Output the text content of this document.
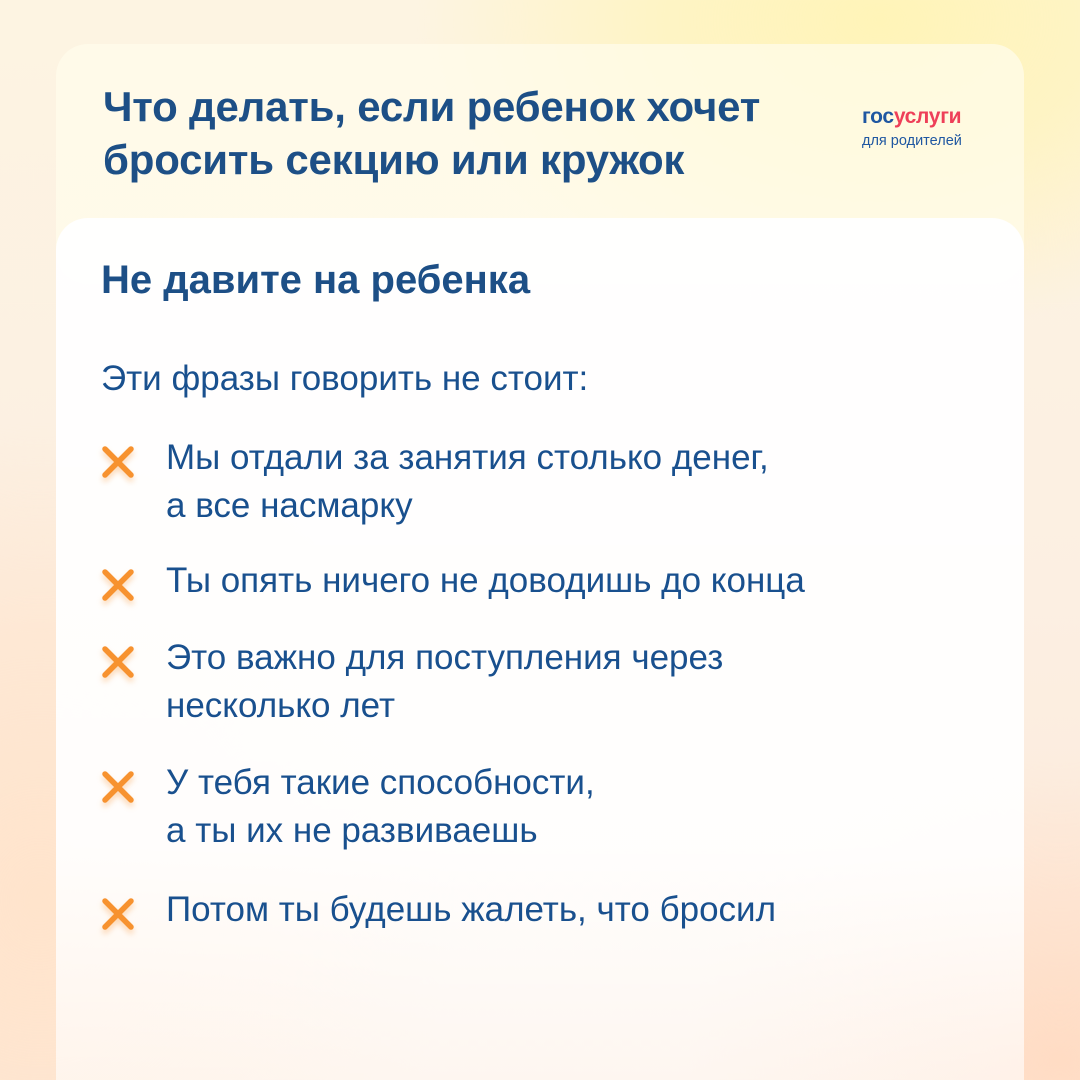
Что делать, если ребенок хочет
бросить секцию или кружок
госуслуги
для родителей
Не давите на ребенка

Эти фразы говорить не стоит:

Мы отдали за занятия столько денег,
а все насмарку

Ты опять ничего не доводишь до конца

Это важно для поступления через
несколько лет

У тебя такие способности,
а ты их не развиваешь

Потом ты будешь жалеть, что бросил
